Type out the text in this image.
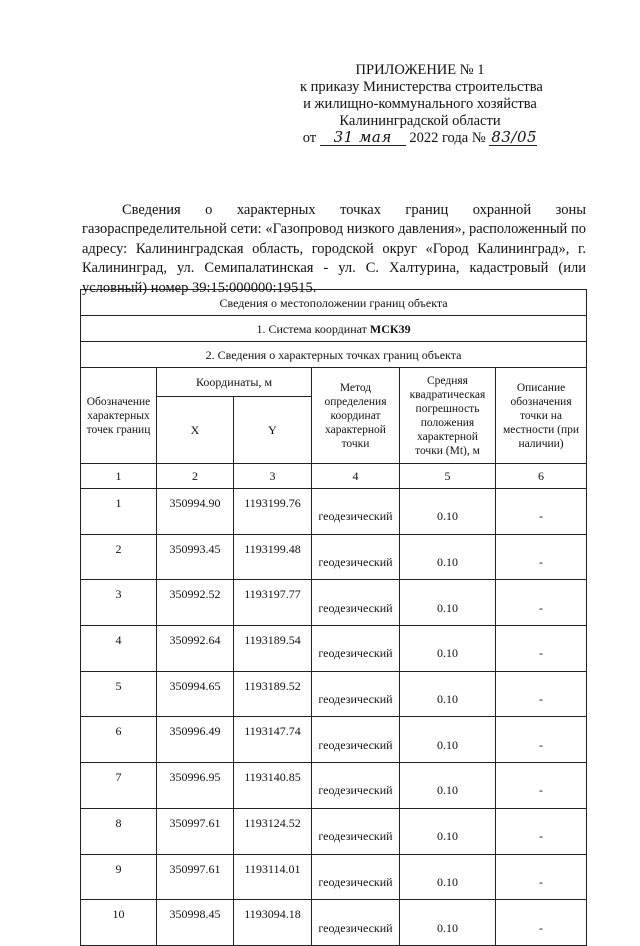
ПРИЛОЖЕНИЕ № 1
к приказу Министерства строительства
и жилищно-коммунального хозяйства
Калининградской области
от 31 мая 2022 года № 83/05

Сведения о характерных точках границ охранной зоны газораспределительной сети: «Газопровод низкого давления», расположенный по адресу: Калининградская область, городской округ «Город Калининград», г. Калининград, ул. Семипалатинская - ул. С. Халтурина, кадастровый (или условный) номер 39:15:000000:19515.

Сведения о местоположении границ объекта					
1. Система координат МСК39					
2. Сведения о характерных точках границ объекта					
Обозначение характерных точек границ	Координаты, м		Метод определения координат характерной точки	Средняя квадратическая погрешность положения характерной точки (Mt), м	Описание обозначения точки на местности (при наличии)
	X	Y			
1	2	3	4	5	6
1	350994.90	1193199.76	геодезический	0.10	-
2	350993.45	1193199.48	геодезический	0.10	-
3	350992.52	1193197.77	геодезический	0.10	-
4	350992.64	1193189.54	геодезический	0.10	-
5	350994.65	1193189.52	геодезический	0.10	-
6	350996.49	1193147.74	геодезический	0.10	-
7	350996.95	1193140.85	геодезический	0.10	-
8	350997.61	1193124.52	геодезический	0.10	-
9	350997.61	1193114.01	геодезический	0.10	-
10	350998.45	1193094.18	геодезический	0.10	-
